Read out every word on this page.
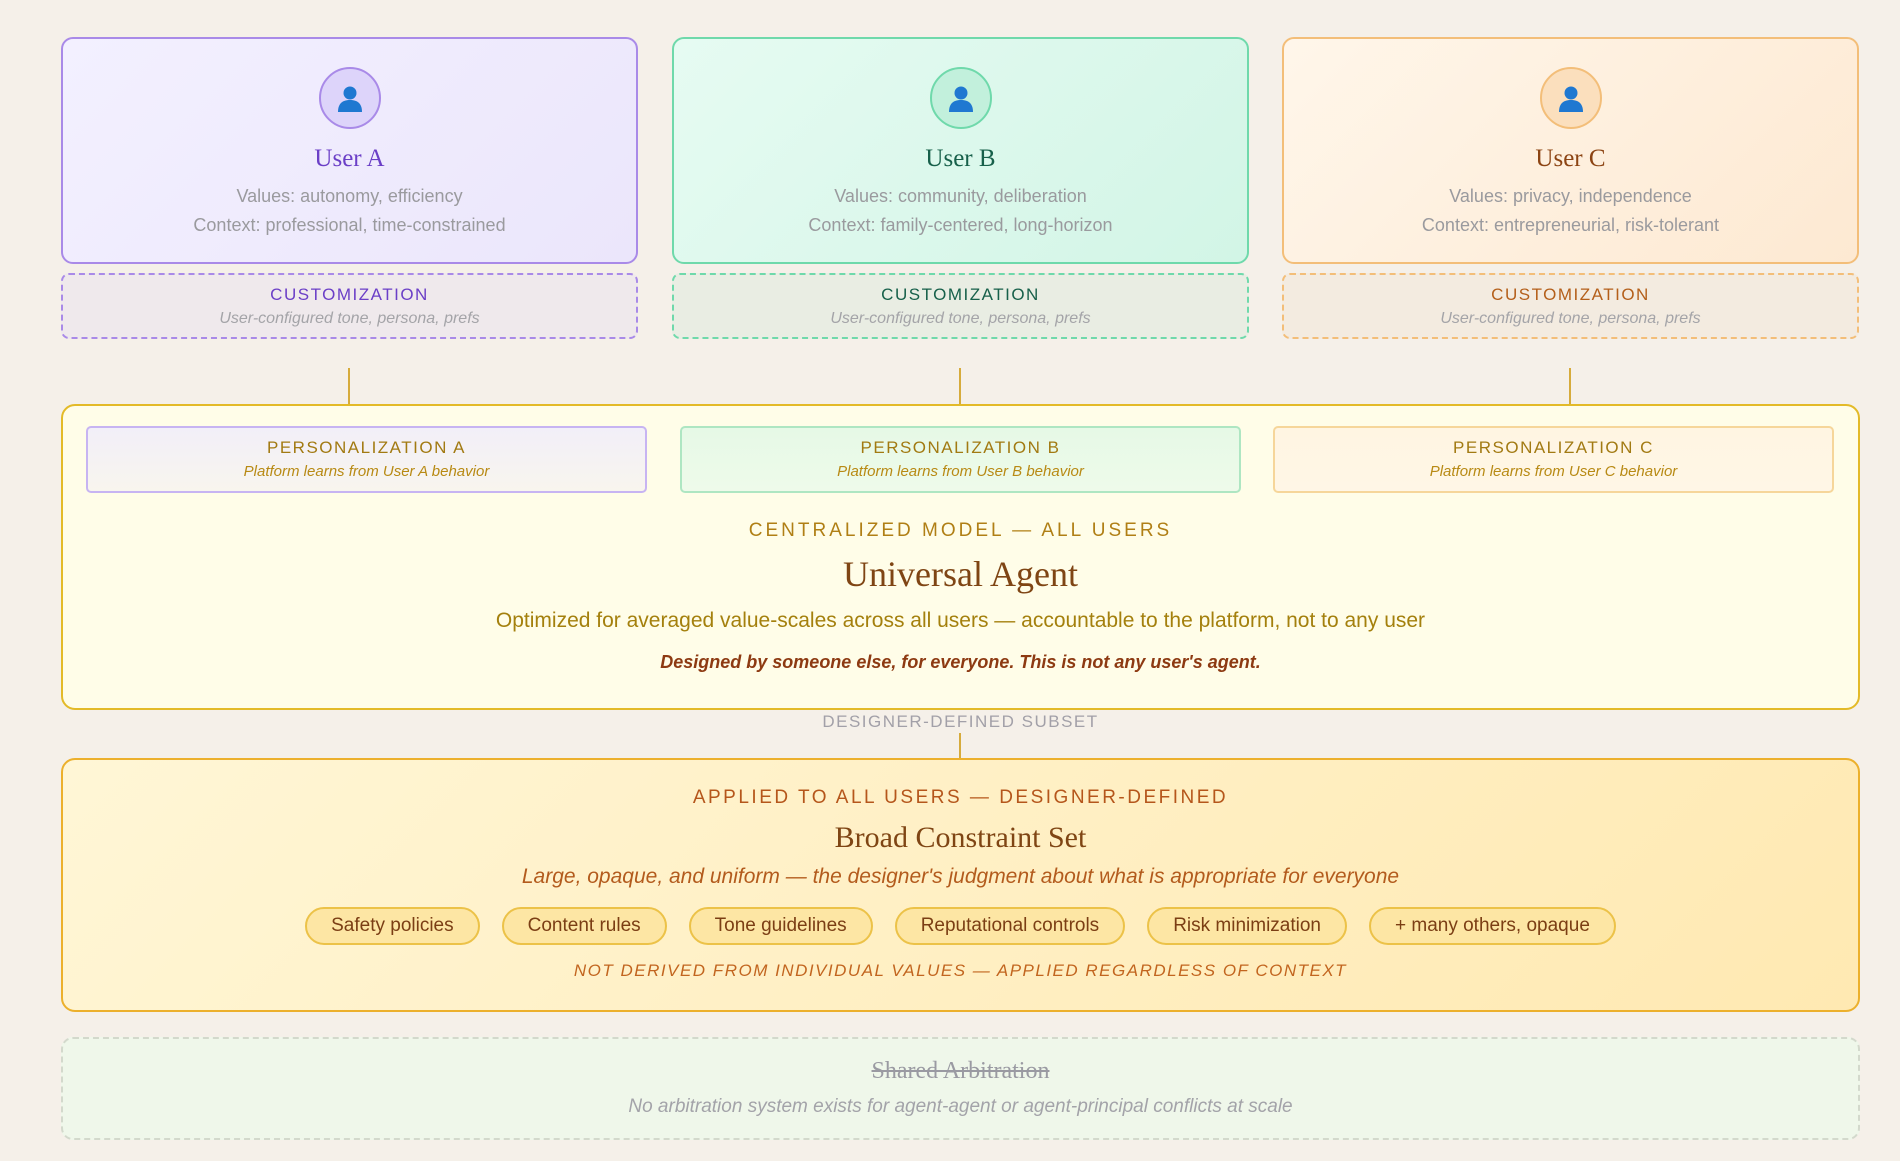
User A
Values: autonomy, efficiency
Context: professional, time-constrained
User B
Values: community, deliberation
Context: family-centered, long-horizon
User C
Values: privacy, independence
Context: entrepreneurial, risk-tolerant
CUSTOMIZATION
User-configured tone, persona, prefs
CUSTOMIZATION
User-configured tone, persona, prefs
CUSTOMIZATION
User-configured tone, persona, prefs
PERSONALIZATION A
Platform learns from User A behavior
PERSONALIZATION B
Platform learns from User B behavior
PERSONALIZATION C
Platform learns from User C behavior
CENTRALIZED MODEL — ALL USERS
Universal Agent
Optimized for averaged value-scales across all users — accountable to the platform, not to any user
Designed by someone else, for everyone. This is not any user's agent.
DESIGNER-DEFINED SUBSET
APPLIED TO ALL USERS — DESIGNER-DEFINED
Broad Constraint Set
Large, opaque, and uniform — the designer's judgment about what is appropriate for everyone
Safety policies	Content rules	Tone guidelines	Reputational controls	Risk minimization	+ many others, opaque
NOT DERIVED FROM INDIVIDUAL VALUES — APPLIED REGARDLESS OF CONTEXT
Shared Arbitration
No arbitration system exists for agent-agent or agent-principal conflicts at scale
